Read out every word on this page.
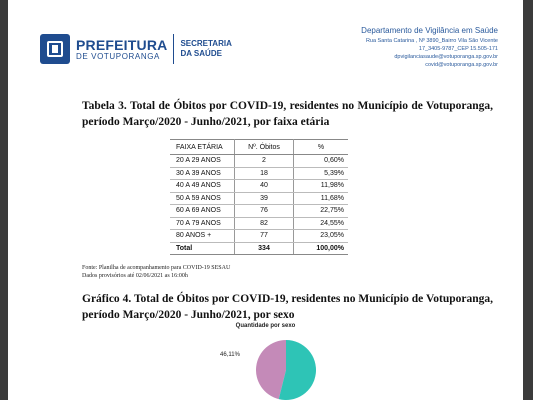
PREFEITURA
DE VOTUPORANGA
SECRETARIA
DA SAÚDE
Departamento de Vigilância em Saúde
Rua Santa Catarina , Nº 3890_Bairro Vila São Vicente
17_3405-9787_CEP 15.505-171
dpvigilanciasaude@votuporanga.sp.gov.br
covid@votuporanga.sp.gov.br
Tabela 3. Total de Óbitos por COVID-19, residentes no Município de Votuporanga, período Março/2020 - Junho/2021, por faixa etária
FAIXA ETÁRIA	Nº. Óbitos	%
20 A 29 ANOS	2	0,60%
30 A 39 ANOS	18	5,39%
40 A 49 ANOS	40	11,98%
50 A 59 ANOS	39	11,68%
60 A 69 ANOS	76	22,75%
70 A 79 ANOS	82	24,55%
80 ANOS +	77	23,05%
Total	334	100,00%
Fonte: Planilha de acompanhamento para COVID-19 SESAU
Dados provisórios até 02/06/2021 as 16:00h
Gráfico 4. Total de Óbitos por COVID-19, residentes no Município de Votuporanga, período Março/2020 - Junho/2021, por sexo
Quantidade por sexo
46,11%
